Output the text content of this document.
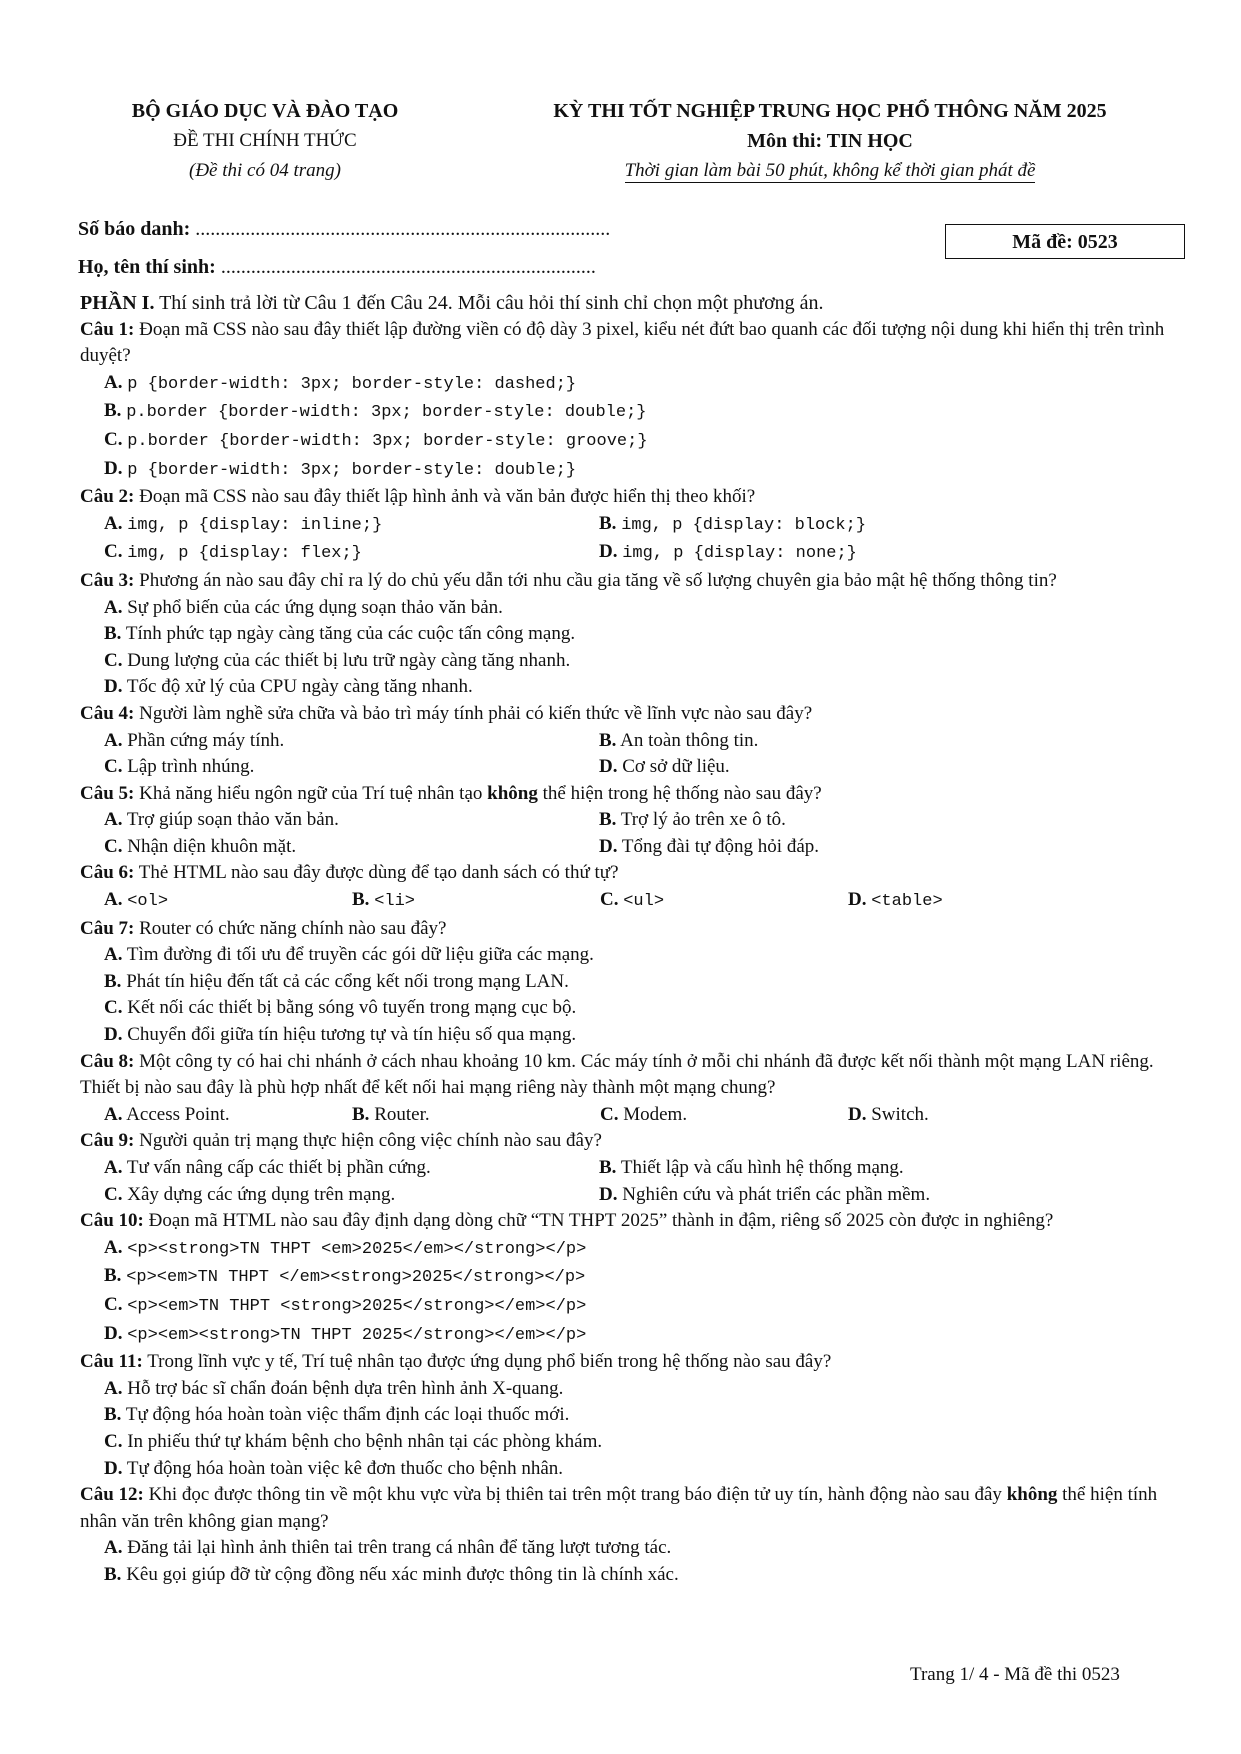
BỘ GIÁO DỤC VÀ ĐÀO TẠO
ĐỀ THI CHÍNH THỨC
(Đề thi có 04 trang)
KỲ THI TỐT NGHIỆP TRUNG HỌC PHỔ THÔNG NĂM 2025
Môn thi: TIN HỌC
Thời gian làm bài 50 phút, không kể thời gian phát đề
Số báo danh: ...................................................................................
Họ, tên thí sinh: ...........................................................................
Mã đề: 0523
PHẦN I. Thí sinh trả lời từ Câu 1 đến Câu 24. Mỗi câu hỏi thí sinh chỉ chọn một phương án.
Câu 1: Đoạn mã CSS nào sau đây thiết lập đường viền có độ dày 3 pixel, kiểu nét đứt bao quanh các đối tượng nội dung khi hiển thị trên trình duyệt?
A. p {border-width: 3px; border-style: dashed;}
B. p.border {border-width: 3px; border-style: double;}
C. p.border {border-width: 3px; border-style: groove;}
D. p {border-width: 3px; border-style: double;}
Câu 2: Đoạn mã CSS nào sau đây thiết lập hình ảnh và văn bản được hiển thị theo khối?
A. img, p {display: inline;}	B. img, p {display: block;}
C. img, p {display: flex;}	D. img, p {display: none;}
Câu 3: Phương án nào sau đây chỉ ra lý do chủ yếu dẫn tới nhu cầu gia tăng về số lượng chuyên gia bảo mật hệ thống thông tin?
A. Sự phổ biến của các ứng dụng soạn thảo văn bản.
B. Tính phức tạp ngày càng tăng của các cuộc tấn công mạng.
C. Dung lượng của các thiết bị lưu trữ ngày càng tăng nhanh.
D. Tốc độ xử lý của CPU ngày càng tăng nhanh.
Câu 4: Người làm nghề sửa chữa và bảo trì máy tính phải có kiến thức về lĩnh vực nào sau đây?
A. Phần cứng máy tính.	B. An toàn thông tin.
C. Lập trình nhúng.	D. Cơ sở dữ liệu.
Câu 5: Khả năng hiểu ngôn ngữ của Trí tuệ nhân tạo không thể hiện trong hệ thống nào sau đây?
A. Trợ giúp soạn thảo văn bản.	B. Trợ lý ảo trên xe ô tô.
C. Nhận diện khuôn mặt.	D. Tổng đài tự động hỏi đáp.
Câu 6: Thẻ HTML nào sau đây được dùng để tạo danh sách có thứ tự?
A. <ol>	B. <li>	C. <ul>	D. <table>
Câu 7: Router có chức năng chính nào sau đây?
A. Tìm đường đi tối ưu để truyền các gói dữ liệu giữa các mạng.
B. Phát tín hiệu đến tất cả các cổng kết nối trong mạng LAN.
C. Kết nối các thiết bị bằng sóng vô tuyến trong mạng cục bộ.
D. Chuyển đổi giữa tín hiệu tương tự và tín hiệu số qua mạng.
Câu 8: Một công ty có hai chi nhánh ở cách nhau khoảng 10 km. Các máy tính ở mỗi chi nhánh đã được kết nối thành một mạng LAN riêng. Thiết bị nào sau đây là phù hợp nhất để kết nối hai mạng riêng này thành một mạng chung?
A. Access Point.	B. Router.	C. Modem.	D. Switch.
Câu 9: Người quản trị mạng thực hiện công việc chính nào sau đây?
A. Tư vấn nâng cấp các thiết bị phần cứng.	B. Thiết lập và cấu hình hệ thống mạng.
C. Xây dựng các ứng dụng trên mạng.	D. Nghiên cứu và phát triển các phần mềm.
Câu 10: Đoạn mã HTML nào sau đây định dạng dòng chữ “TN THPT 2025” thành in đậm, riêng số 2025 còn được in nghiêng?
A. <p><strong>TN THPT <em>2025</em></strong></p>
B. <p><em>TN THPT </em><strong>2025</strong></p>
C. <p><em>TN THPT <strong>2025</strong></em></p>
D. <p><em><strong>TN THPT 2025</strong></em></p>
Câu 11: Trong lĩnh vực y tế, Trí tuệ nhân tạo được ứng dụng phổ biến trong hệ thống nào sau đây?
A. Hỗ trợ bác sĩ chẩn đoán bệnh dựa trên hình ảnh X-quang.
B. Tự động hóa hoàn toàn việc thẩm định các loại thuốc mới.
C. In phiếu thứ tự khám bệnh cho bệnh nhân tại các phòng khám.
D. Tự động hóa hoàn toàn việc kê đơn thuốc cho bệnh nhân.
Câu 12: Khi đọc được thông tin về một khu vực vừa bị thiên tai trên một trang báo điện tử uy tín, hành động nào sau đây không thể hiện tính nhân văn trên không gian mạng?
A. Đăng tải lại hình ảnh thiên tai trên trang cá nhân để tăng lượt tương tác.
B. Kêu gọi giúp đỡ từ cộng đồng nếu xác minh được thông tin là chính xác.
Trang 1/ 4 - Mã đề thi 0523
